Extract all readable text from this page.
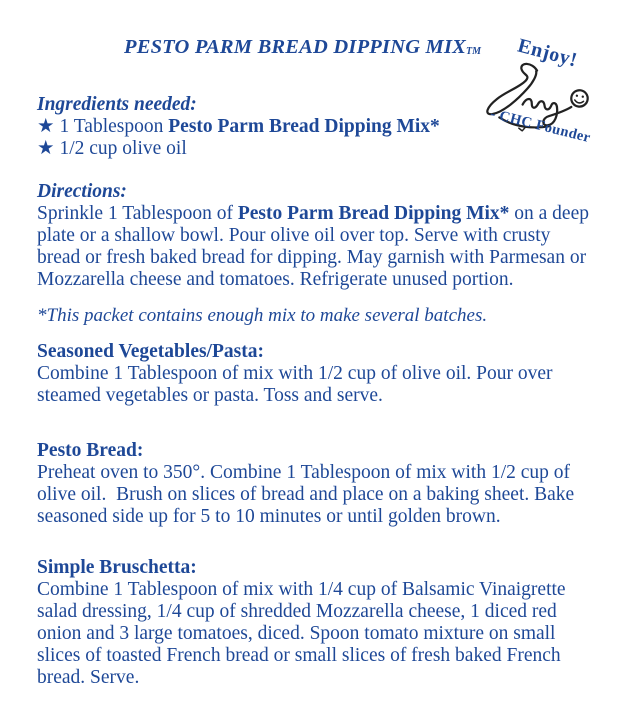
PESTO PARM BREAD DIPPING MIXTM	Enjoy!
- CHC Founder
Ingredients needed:
★ 1 Tablespoon Pesto Parm Bread Dipping Mix*
★ 1/2 cup olive oil
Directions:
Sprinkle 1 Tablespoon of Pesto Parm Bread Dipping Mix* on a deep plate or a shallow bowl. Pour olive oil over top. Serve with crusty bread or fresh baked bread for dipping. May garnish with Parmesan or Mozzarella cheese and tomatoes. Refrigerate unused portion.
*This packet contains enough mix to make several batches.
Seasoned Vegetables/Pasta:
Combine 1 Tablespoon of mix with 1/2 cup of olive oil. Pour over steamed vegetables or pasta. Toss and serve.
Pesto Bread:
Preheat oven to 350°. Combine 1 Tablespoon of mix with 1/2 cup of olive oil.  Brush on slices of bread and place on a baking sheet. Bake seasoned side up for 5 to 10 minutes or until golden brown.
Simple Bruschetta:
Combine 1 Tablespoon of mix with 1/4 cup of Balsamic Vinaigrette salad dressing, 1/4 cup of shredded Mozzarella cheese, 1 diced red onion and 3 large tomatoes, diced. Spoon tomato mixture on small slices of toasted French bread or small slices of fresh baked French bread. Serve.
